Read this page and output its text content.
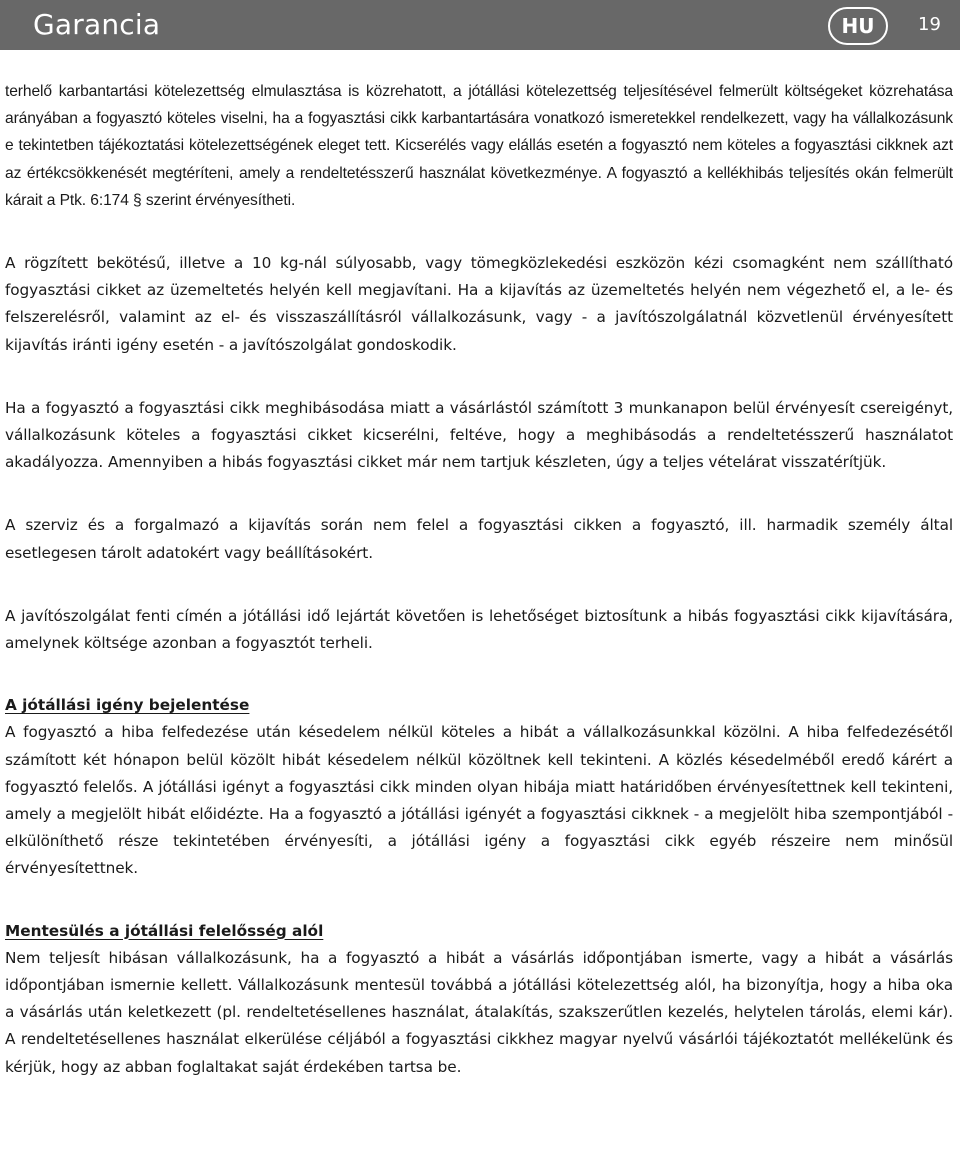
Garancia	HU	19

terhelő karbantartási kötelezettség elmulasztása is közrehatott, a jótállási kötelezettség teljesítésével felmerült költségeket közrehatása arányában a fogyasztó köteles viselni, ha a fogyasztási cikk karbantartására vonatkozó ismeretekkel rendelkezett, vagy ha vállalkozásunk e tekintetben tájékoztatási kötelezettségének eleget tett. Kicserélés vagy elállás esetén a fogyasztó nem köteles a fogyasztási cikknek azt az értékcsökkenését megtéríteni, amely a rendeltetésszerű használat következménye. A fogyasztó a kellékhibás teljesítés okán felmerült kárait a Ptk. 6:174 § szerint érvényesítheti.

A rögzített bekötésű, illetve a 10 kg-nál súlyosabb, vagy tömegközlekedési eszközön kézi csomagként nem szállítható fogyasztási cikket az üzemeltetés helyén kell megjavítani. Ha a kijavítás az üzemeltetés helyén nem végezhető el, a le- és felszerelésről, valamint az el- és visszaszállításról vállalkozásunk, vagy - a javítószolgálatnál közvetlenül érvényesített kijavítás iránti igény esetén - a javítószolgálat gondoskodik.

Ha a fogyasztó a fogyasztási cikk meghibásodása miatt a vásárlástól számított 3 munkanapon belül érvényesít csereigényt, vállalkozásunk köteles a fogyasztási cikket kicserélni, feltéve, hogy a meghibásodás a rendeltetésszerű használatot akadályozza. Amennyiben a hibás fogyasztási cikket már nem tartjuk készleten, úgy a teljes vételárat visszatérítjük.

A szerviz és a forgalmazó a kijavítás során nem felel a fogyasztási cikken a fogyasztó, ill. harmadik személy által esetlegesen tárolt adatokért vagy beállításokért.

A javítószolgálat fenti címén a jótállási idő lejártát követően is lehetőséget biztosítunk a hibás fogyasztási cikk kijavítására, amelynek költsége azonban a fogyasztót terheli.

A jótállási igény bejelentése

A fogyasztó a hiba felfedezése után késedelem nélkül köteles a hibát a vállalkozásunkkal közölni. A hiba felfedezésétől számított két hónapon belül közölt hibát késedelem nélkül közöltnek kell tekinteni. A közlés késedelméből eredő kárért a fogyasztó felelős. A jótállási igényt a fogyasztási cikk minden olyan hibája miatt határidőben érvényesítettnek kell tekinteni, amely a megjelölt hibát előidézte. Ha a fogyasztó a jótállási igényét a fogyasztási cikknek - a megjelölt hiba szempontjából - elkülöníthető része tekintetében érvényesíti, a jótállási igény a fogyasztási cikk egyéb részeire nem minősül érvényesítettnek.

Mentesülés a jótállási felelősség alól

Nem teljesít hibásan vállalkozásunk, ha a fogyasztó a hibát a vásárlás időpontjában ismerte, vagy a hibát a vásárlás időpontjában ismernie kellett. Vállalkozásunk mentesül továbbá a jótállási kötelezettség alól, ha bizonyítja, hogy a hiba oka a vásárlás után keletkezett (pl. rendeltetésellenes használat, átalakítás, szakszerűtlen kezelés, helytelen tárolás, elemi kár). A rendeltetésellenes használat elkerülése céljából a fogyasztási cikkhez magyar nyelvű vásárlói tájékoztatót mellékelünk és kérjük, hogy az abban foglaltakat saját érdekében tartsa be.
